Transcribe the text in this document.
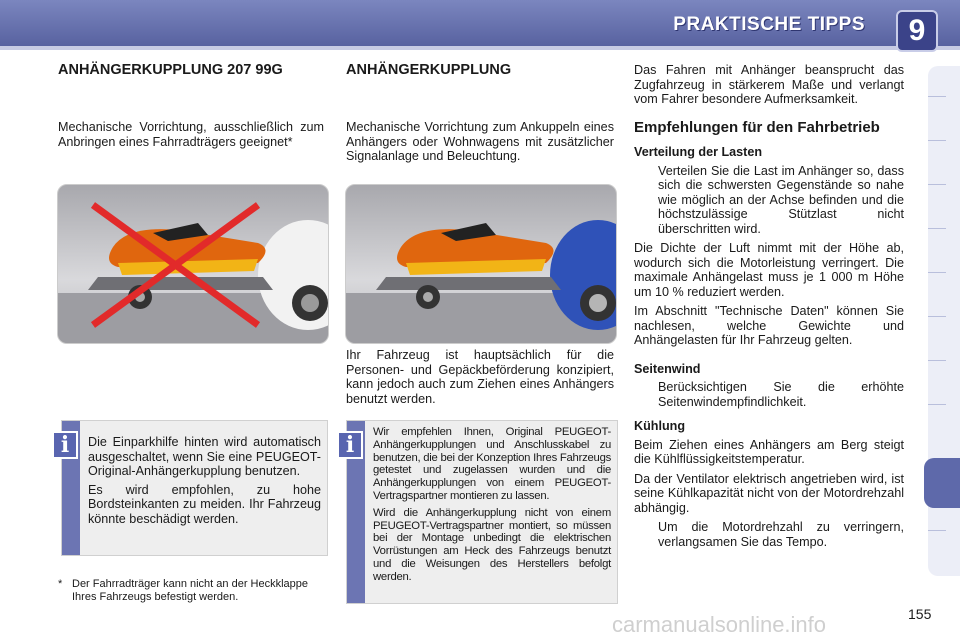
PRAKTISCHE TIPPS	9
ANHÄNGERKUPPLUNG 207 99G
Mechanische Vorrichtung, ausschließlich zum Anbringen eines Fahrradträgers geeignet*
i	Die Einparkhilfe hinten wird automatisch ausgeschaltet, wenn Sie eine PEUGEOT-Original-Anhängerkupplung benutzen.

Es wird empfohlen, zu hohe Bordsteinkanten zu meiden. Ihr Fahrzeug könnte beschädigt werden.

* Der Fahrradträger kann nicht an der Heckklappe Ihres Fahrzeugs befestigt werden.
ANHÄNGERKUPPLUNG
Mechanische Vorrichtung zum Ankuppeln eines Anhängers oder Wohnwagens mit zusätzlicher Signalanlage und Beleuchtung.
Ihr Fahrzeug ist hauptsächlich für die Personen- und Gepäckbeförderung konzipiert, kann jedoch auch zum Ziehen eines Anhängers benutzt werden.
i	Wir empfehlen Ihnen, Original PEUGEOT-Anhängerkupplungen und Anschlusskabel zu benutzen, die bei der Konzeption Ihres Fahrzeugs getestet und zugelassen wurden und die Anhängerkupplungen von einem PEUGEOT-Vertragspartner montieren zu lassen.

Wird die Anhängerkupplung nicht von einem PEUGEOT-Vertragspartner montiert, so müssen bei der Montage unbedingt die elektrischen Vorrüstungen am Heck des Fahrzeugs benutzt und die Weisungen des Herstellers befolgt werden.

Das Fahren mit Anhänger beansprucht das Zugfahrzeug in stärkerem Maße und verlangt vom Fahrer besondere Aufmerksamkeit.

Empfehlungen für den Fahrbetrieb
Verteilung der Lasten
Verteilen Sie die Last im Anhänger so, dass sich die schwersten Gegenstände so nahe wie möglich an der Achse befinden und die höchstzulässige Stützlast nicht überschritten wird.

Die Dichte der Luft nimmt mit der Höhe ab, wodurch sich die Motorleistung verringert. Die maximale Anhängelast muss je 1 000 m Höhe um 10 % reduziert werden.

Im Abschnitt "Technische Daten" können Sie nachlesen, welche Gewichte und Anhängelasten für Ihr Fahrzeug gelten.

Seitenwind
Berücksichtigen Sie die erhöhte Seitenwindempfindlichkeit.
Kühlung

Beim Ziehen eines Anhängers am Berg steigt die Kühlflüssigkeitstemperatur.

Da der Ventilator elektrisch angetrieben wird, ist seine Kühlkapazität nicht von der Motordrehzahl abhängig.

Um die Motordrehzahl zu verringern, verlangsamen Sie das Tempo.
155
carmanualsonline.info
